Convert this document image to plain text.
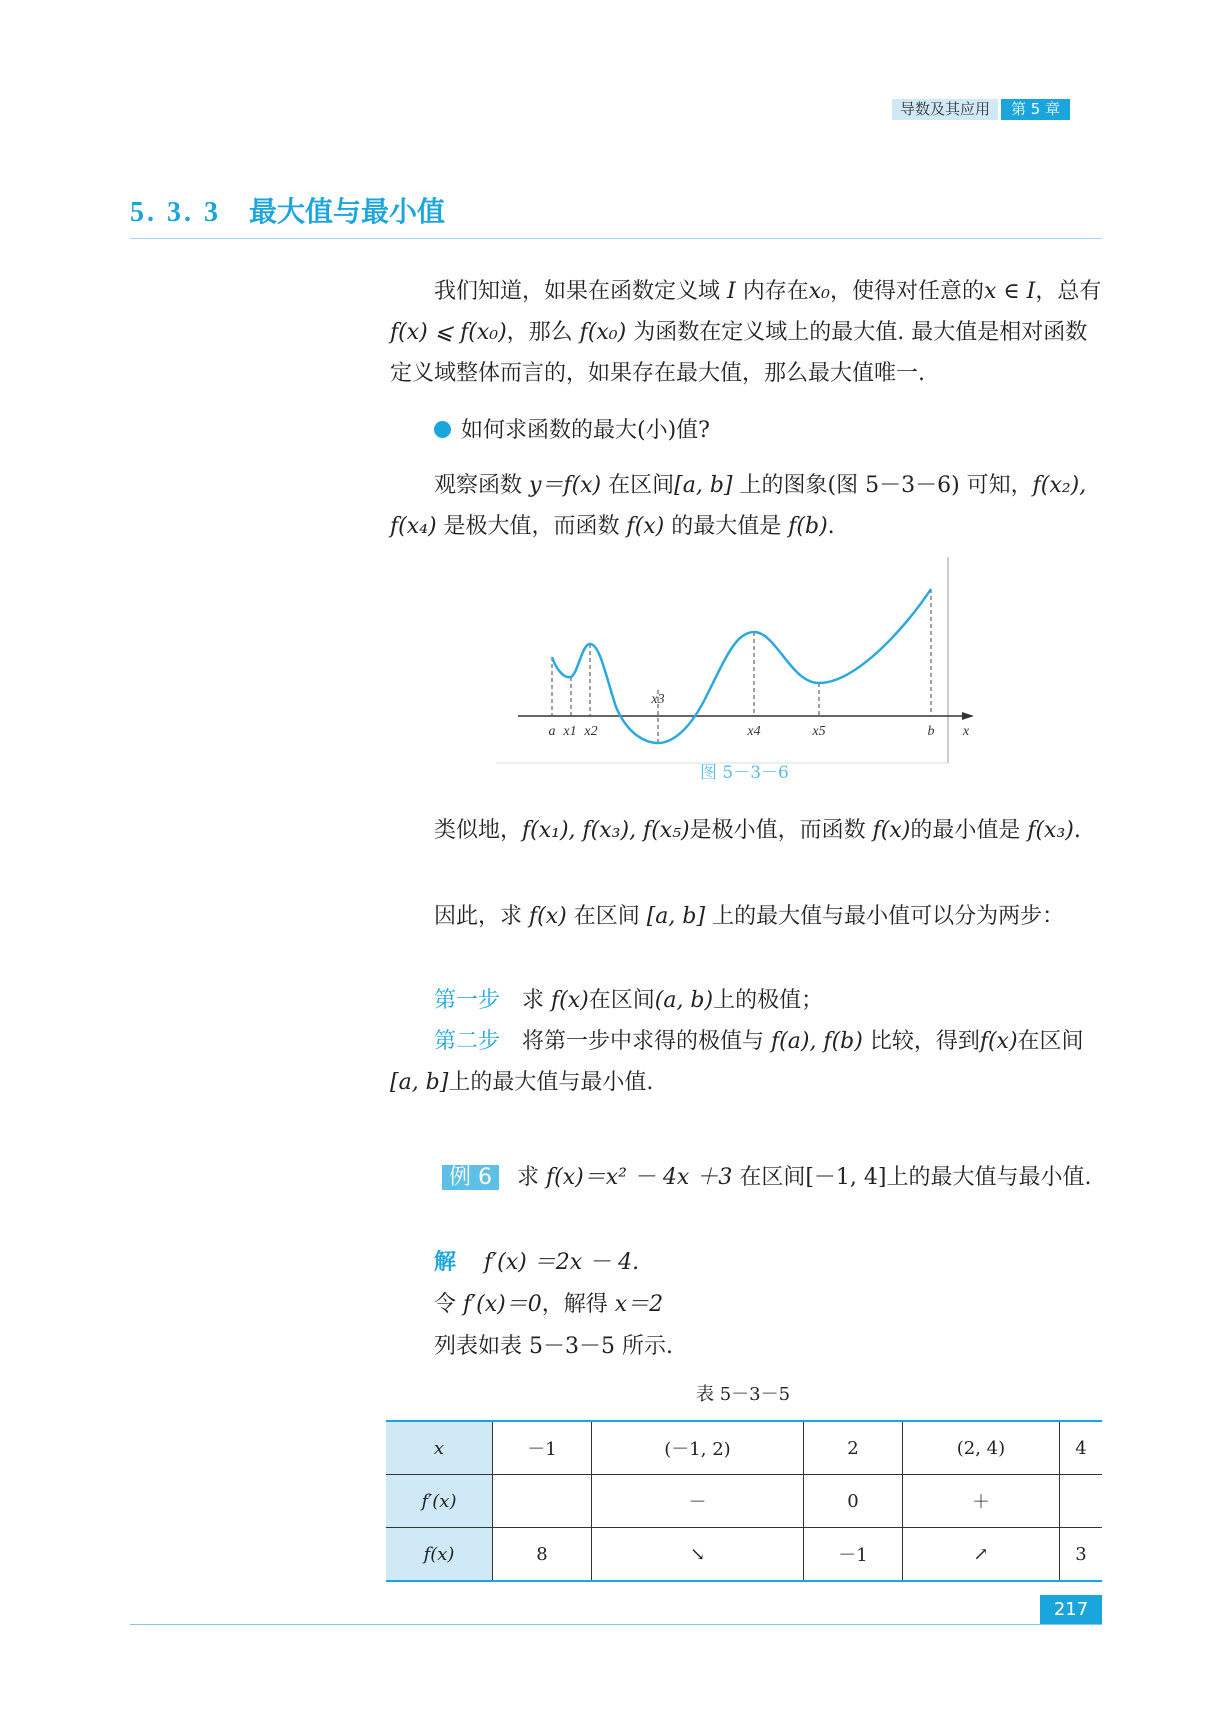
导数及其应用	第 5 章
5. 3. 3 最大值与最小值

我们知道，如果在函数定义域 I 内存在x₀，使得对任意的x ∈ I，总有 f(x) ⩽ f(x₀)，那么 f(x₀) 为函数在定义域上的最大值. 最大值是相对函数定义域整体而言的，如果存在最大值，那么最大值唯一.

如何求函数的最大(小)值?

观察函数 y＝f(x) 在区间[a, b] 上的图象(图 5－3－6) 可知，f(x₂), f(x₄) 是极大值，而函数 f(x) 的最大值是 f(b).

a x1 x2
x3
x4	x5	b x
图 5－3－6

类似地，f(x₁), f(x₃), f(x₅)是极小值，而函数 f(x)的最小值是 f(x₃).

因此，求 f(x) 在区间 [a, b] 上的最大值与最小值可以分为两步：

第一步 求 f(x)在区间(a, b)上的极值；

第二步 将第一步中求得的极值与 f(a), f(b) 比较，得到f(x)在区间[a, b]上的最大值与最小值.

例 6 求 f(x)＝x² － 4x ＋3 在区间[－1, 4]上的最大值与最小值.

解 f′(x) ＝2x － 4.

令 f′(x)＝0，解得 x＝2

列表如表 5－3－5 所示.

表 5－3－5
x	－1	(－1, 2)	2	(2, 4)	4
f′(x)		－	0	＋	
f(x)	8	↘	－1	↗	3
217
